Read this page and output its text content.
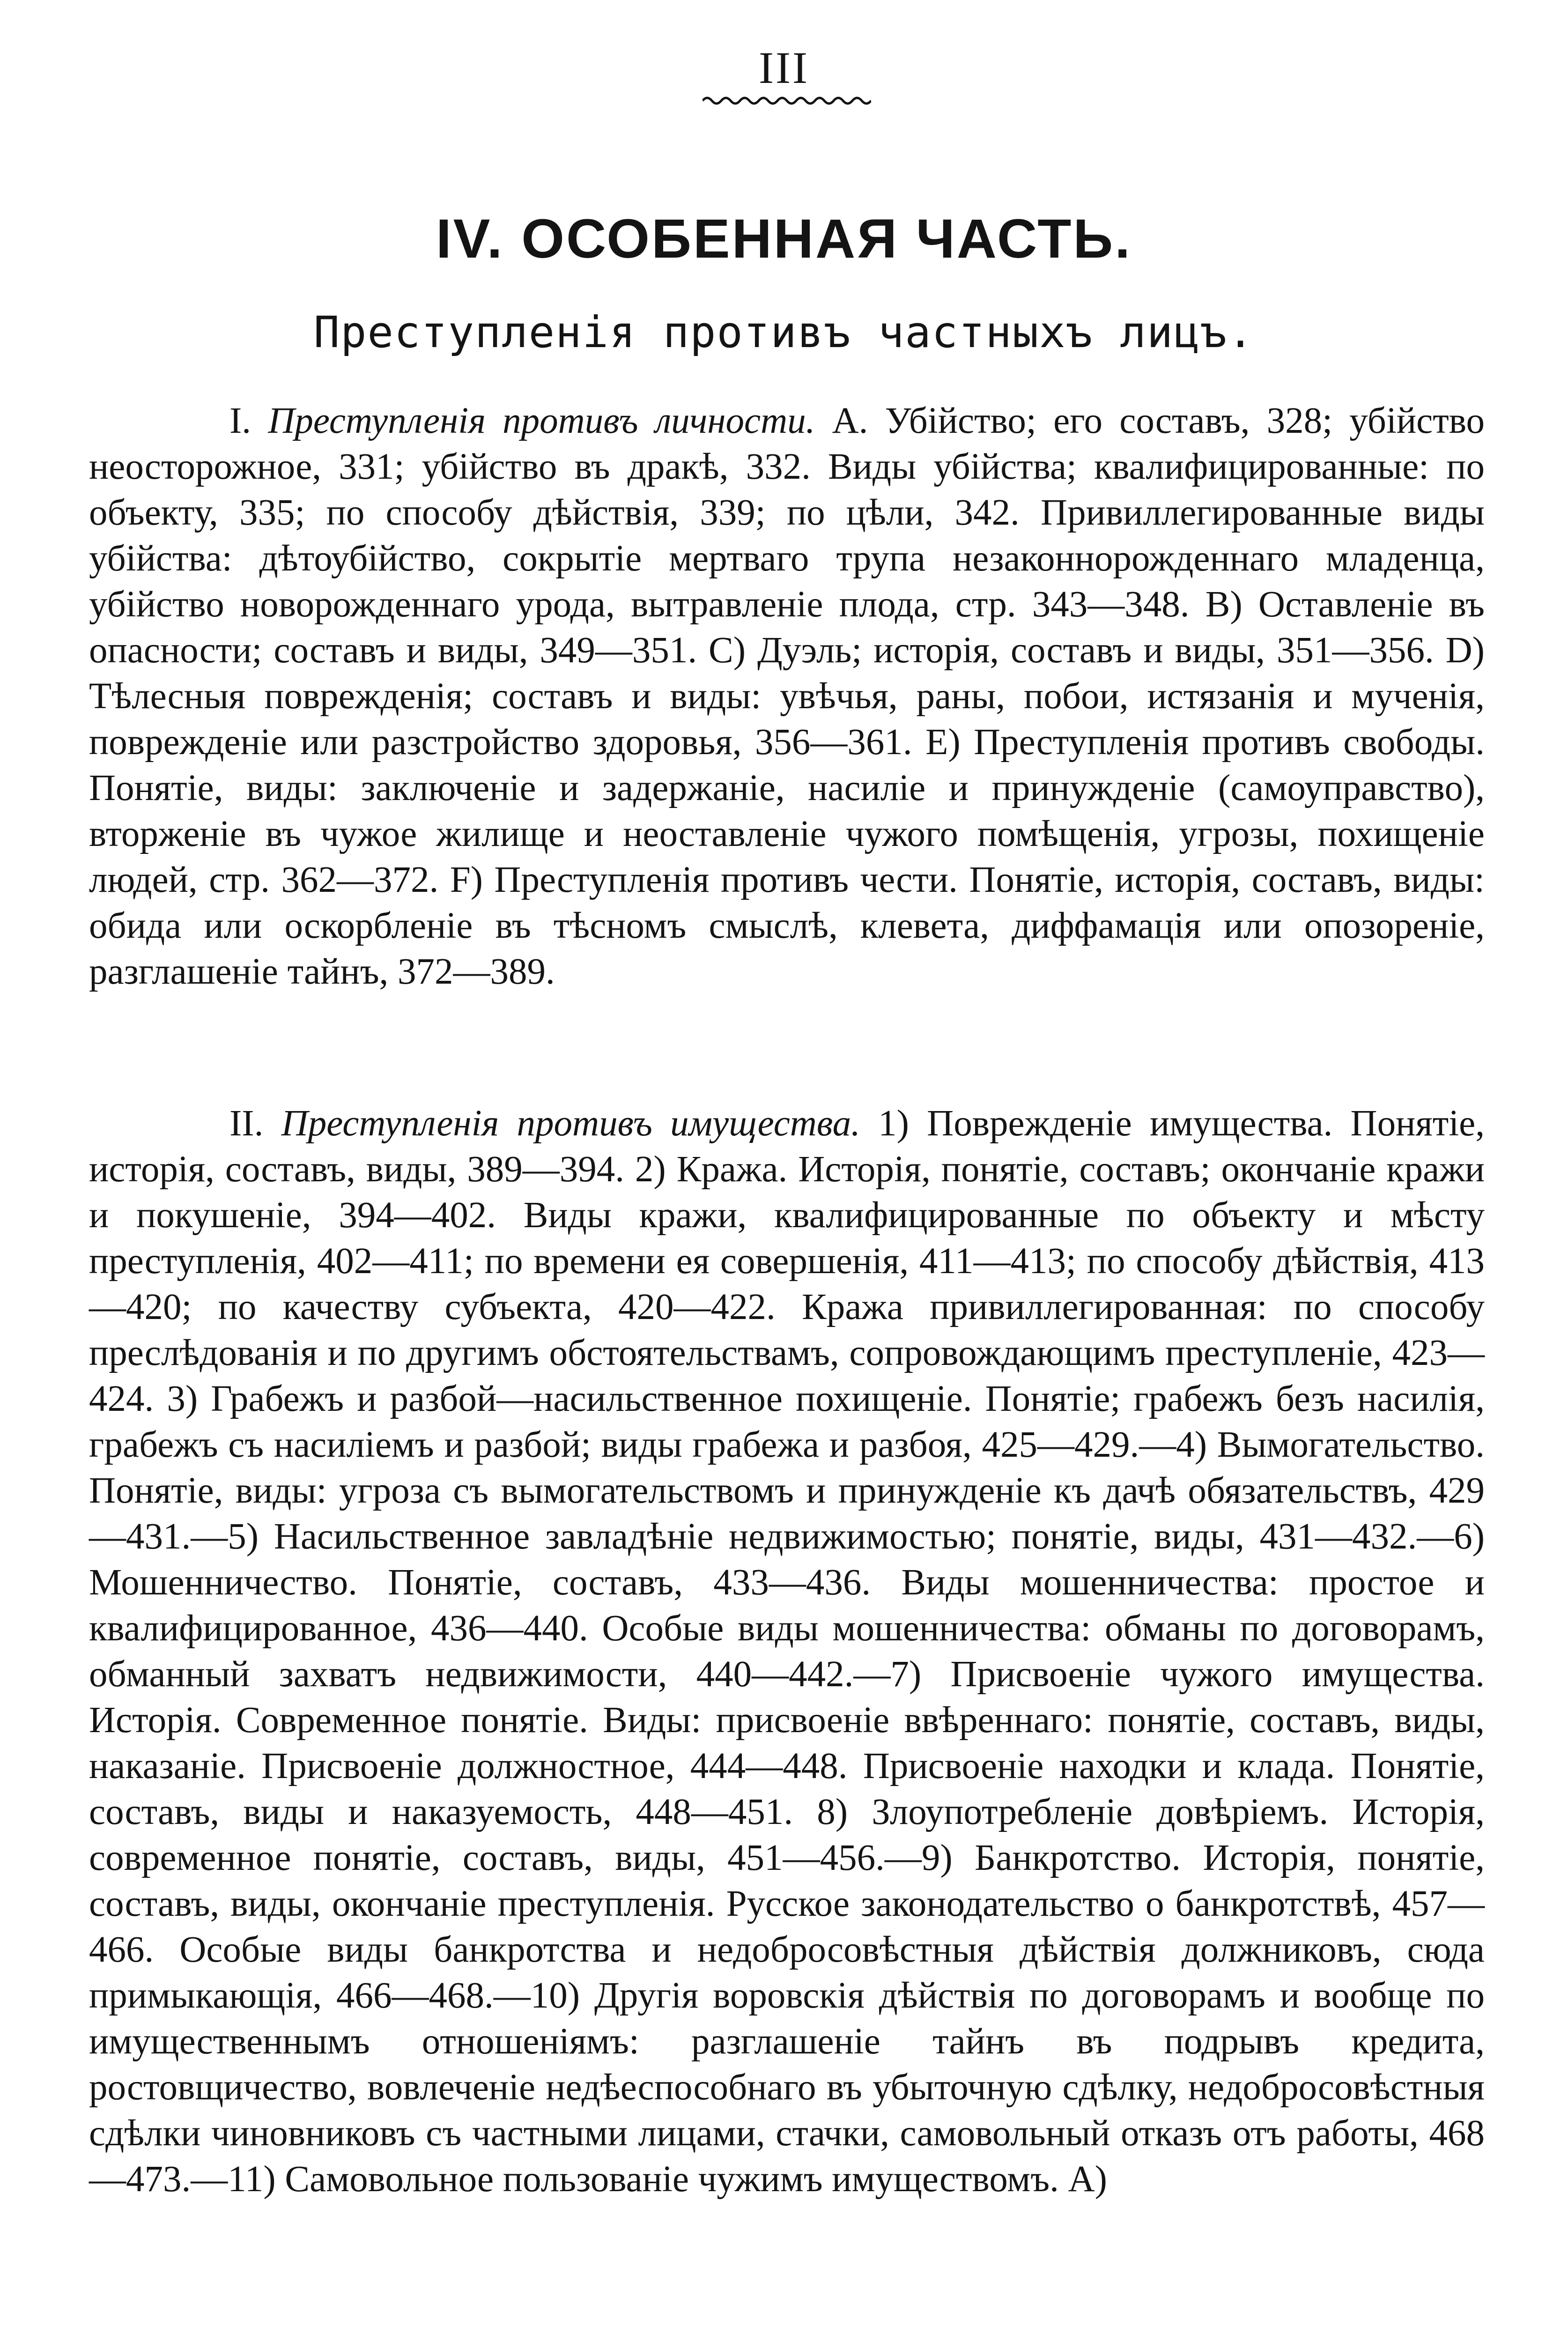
III
IV. ОСОБЕННАЯ ЧАСТЬ.
Преступленія противъ частныхъ лицъ.

I. Преступленія противъ личности. А. Убійство; его составъ, 328; убійство неосторожное, 331; убійство въ дракѣ, 332. Виды убійства; квалифицированные: по объекту, 335; по способу дѣйствія, 339; по цѣли, 342. Привиллегированные виды убійства: дѣтоубійство, сокрытіе мертваго трупа незаконнорожденнаго младенца, убійство новорожденнаго урода, вытравленіе плода, стр. 343—348. В) Оставленіе въ опасности; составъ и виды, 349—351. С) Дуэль; исторія, составъ и виды, 351—356. D) Тѣлесныя поврежденія; составъ и виды: увѣчья, раны, побои, истязанія и мученія, поврежденіе или разстройство здоровья, 356—361. Е) Преступленія противъ свободы. Понятіе, виды: заключеніе и задержаніе, насиліе и принужденіе (самоуправство), вторженіе въ чужое жилище и неоставленіе чужого помѣщенія, угрозы, похищеніе людей, стр. 362—372. F) Преступленія противъ чести. Понятіе, исторія, составъ, виды: обида или оскорбленіе въ тѣсномъ смыслѣ, клевета, диффамація или опозореніе, разглашеніе тайнъ, 372—389.

II. Преступленія противъ имущества. 1) Поврежденіе имущества. Понятіе, исторія, составъ, виды, 389—394. 2) Кража. Исторія, понятіе, составъ; окончаніе кражи и покушеніе, 394—402. Виды кражи, квалифицированные по объекту и мѣсту преступленія, 402—411; по времени ея совершенія, 411—413; по способу дѣйствія, 413—420; по качеству субъекта, 420—422. Кража привиллегированная: по способу преслѣдованія и по другимъ обстоятельствамъ, сопровождающимъ преступленіе, 423—424. 3) Грабежъ и разбой—насильственное похищеніе. Понятіе; грабежъ безъ насилія, грабежъ съ насиліемъ и разбой; виды грабежа и разбоя, 425—429.—4) Вымогательство. Понятіе, виды: угроза съ вымогательствомъ и принужденіе къ дачѣ обязательствъ, 429—431.—5) Насильственное завладѣніе недвижимостью; понятіе, виды, 431—432.—6) Мошенничество. Понятіе, составъ, 433—436. Виды мошенничества: простое и квалифицированное, 436—440. Особые виды мошенничества: обманы по договорамъ, обманный захватъ недвижимости, 440—442.—7) Присвоеніе чужого имущества. Исторія. Современное понятіе. Виды: присвоеніе ввѣреннаго: понятіе, составъ, виды, наказаніе. Присвоеніе должностное, 444—448. Присвоеніе находки и клада. Понятіе, составъ, виды и наказуемость, 448—451. 8) Злоупотребленіе довѣріемъ. Исторія, современное понятіе, составъ, виды, 451—456.—9) Банкротство. Исторія, понятіе, составъ, виды, окончаніе преступленія. Русское законодательство о банкротствѣ, 457—466. Особые виды банкротства и недобросовѣстныя дѣйствія должниковъ, сюда примыкающія, 466—468.—10) Другія воровскія дѣйствія по договорамъ и вообще по имущественнымъ отношеніямъ: разглашеніе тайнъ въ подрывъ кредита, ростовщичество, вовлеченіе недѣеспособнаго въ убыточную сдѣлку, недобросовѣстныя сдѣлки чиновниковъ съ частными лицами, стачки, самовольный отказъ отъ работы, 468—473.—11) Самовольное пользованіе чужимъ имуществомъ. А)
